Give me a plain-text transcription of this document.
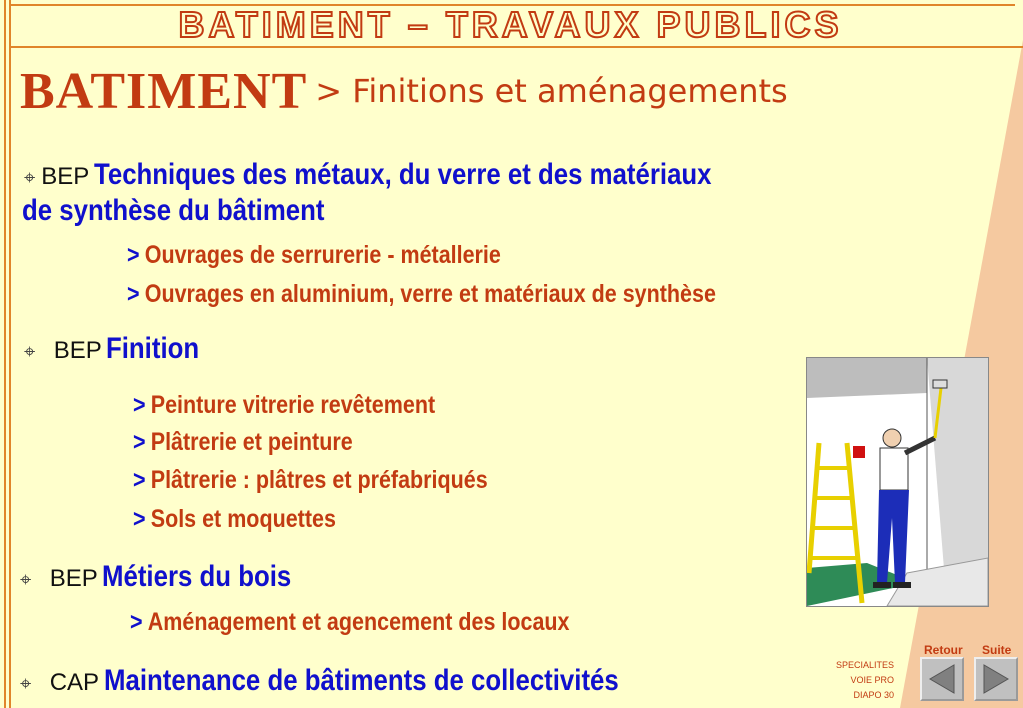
BATIMENT – TRAVAUX PUBLICS
BATIMENT > Finitions et aménagements
⌖ BEP Techniques des métaux, du verre et des matériaux
de synthèse du bâtiment
> Ouvrages de serrurerie - métallerie
> Ouvrages en aluminium, verre et matériaux de synthèse
⌖ BEP Finition
> Peinture vitrerie revêtement
> Plâtrerie et peinture
> Plâtrerie : plâtres et préfabriqués
> Sols et moquettes
⌖ BEP Métiers du bois
> Aménagement et agencement des locaux
⌖ CAP Maintenance de bâtiments de collectivités
Retour Suite
SPECIALITES
VOIE PRO
DIAPO 30
